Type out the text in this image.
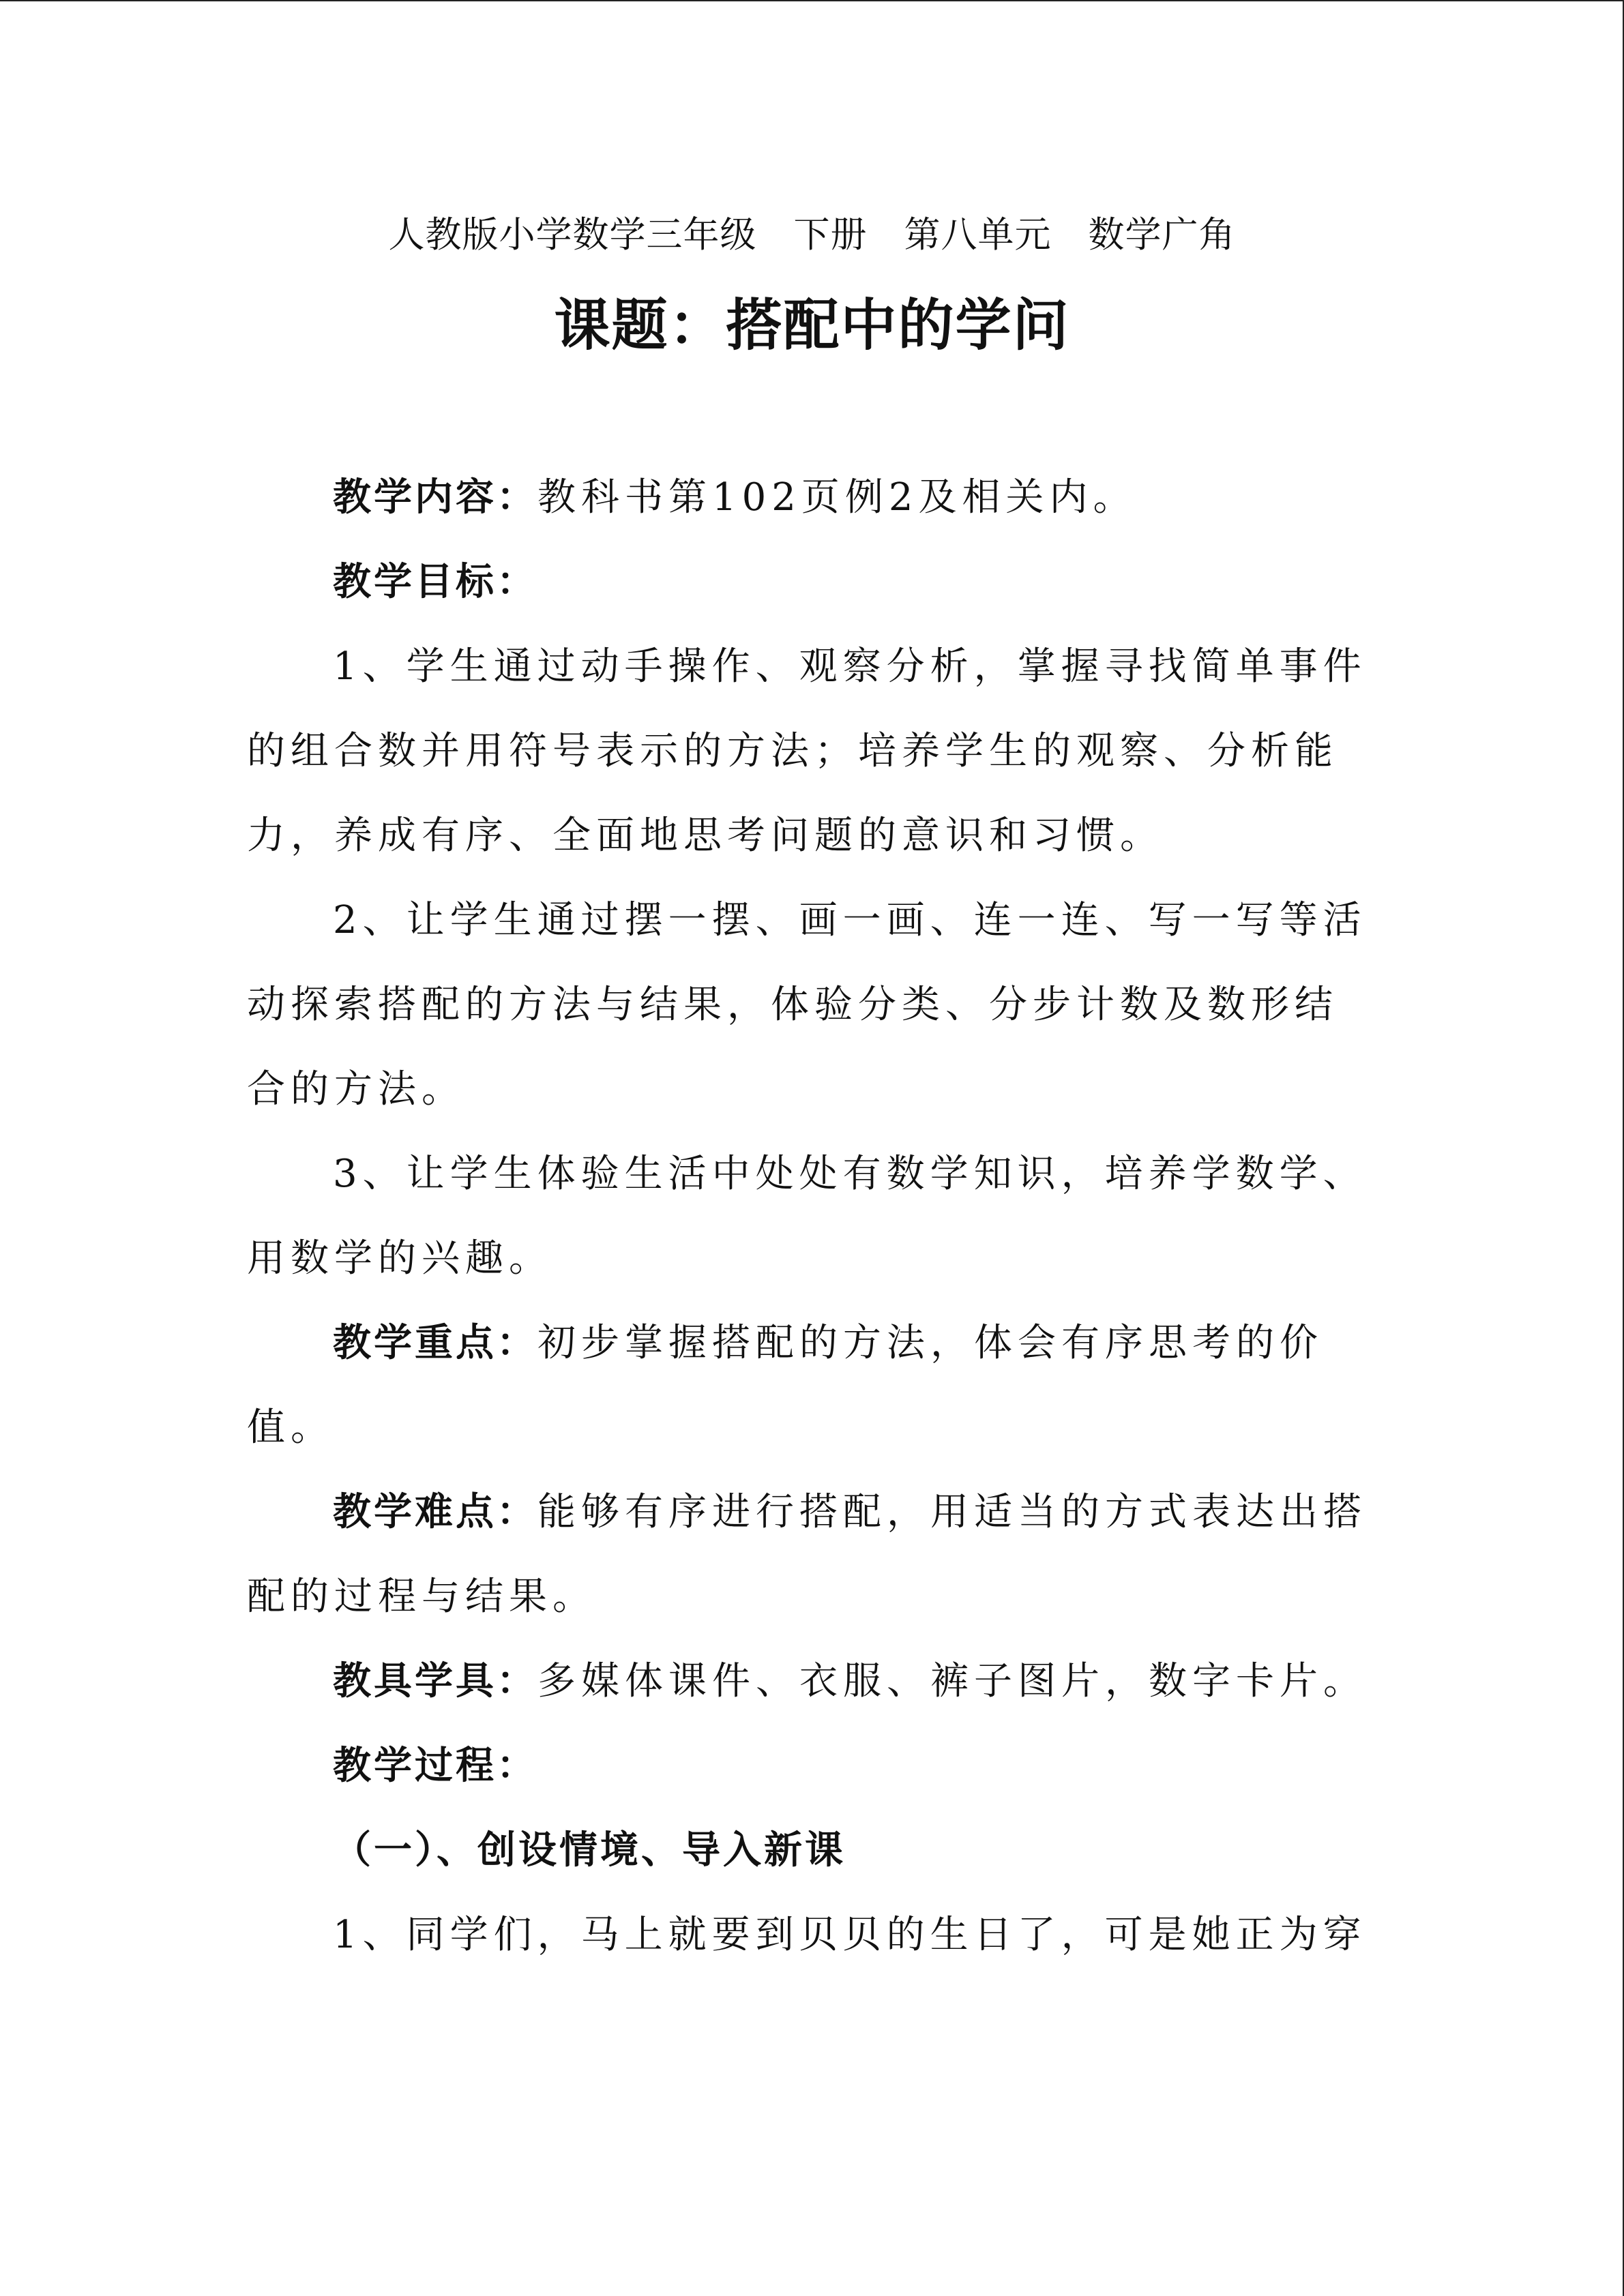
人教版小学数学三年级　下册　第八单元　数学广角
课题：搭配中的学问

教学内容：教科书第102页例2及相关内。

教学目标：

1、学生通过动手操作、观察分析，掌握寻找简单事件的组合数并用符号表示的方法；培养学生的观察、分析能力，养成有序、全面地思考问题的意识和习惯。

2、让学生通过摆一摆、画一画、连一连、写一写等活动探索搭配的方法与结果，体验分类、分步计数及数形结合的方法。

3、让学生体验生活中处处有数学知识，培养学数学、用数学的兴趣。

教学重点：初步掌握搭配的方法，体会有序思考的价值。

教学难点：能够有序进行搭配，用适当的方式表达出搭配的过程与结果。

教具学具：多媒体课件、衣服、裤子图片，数字卡片。

教学过程：

（一）、创设情境、导入新课

1、同学们，马上就要到贝贝的生日了，可是她正为穿
